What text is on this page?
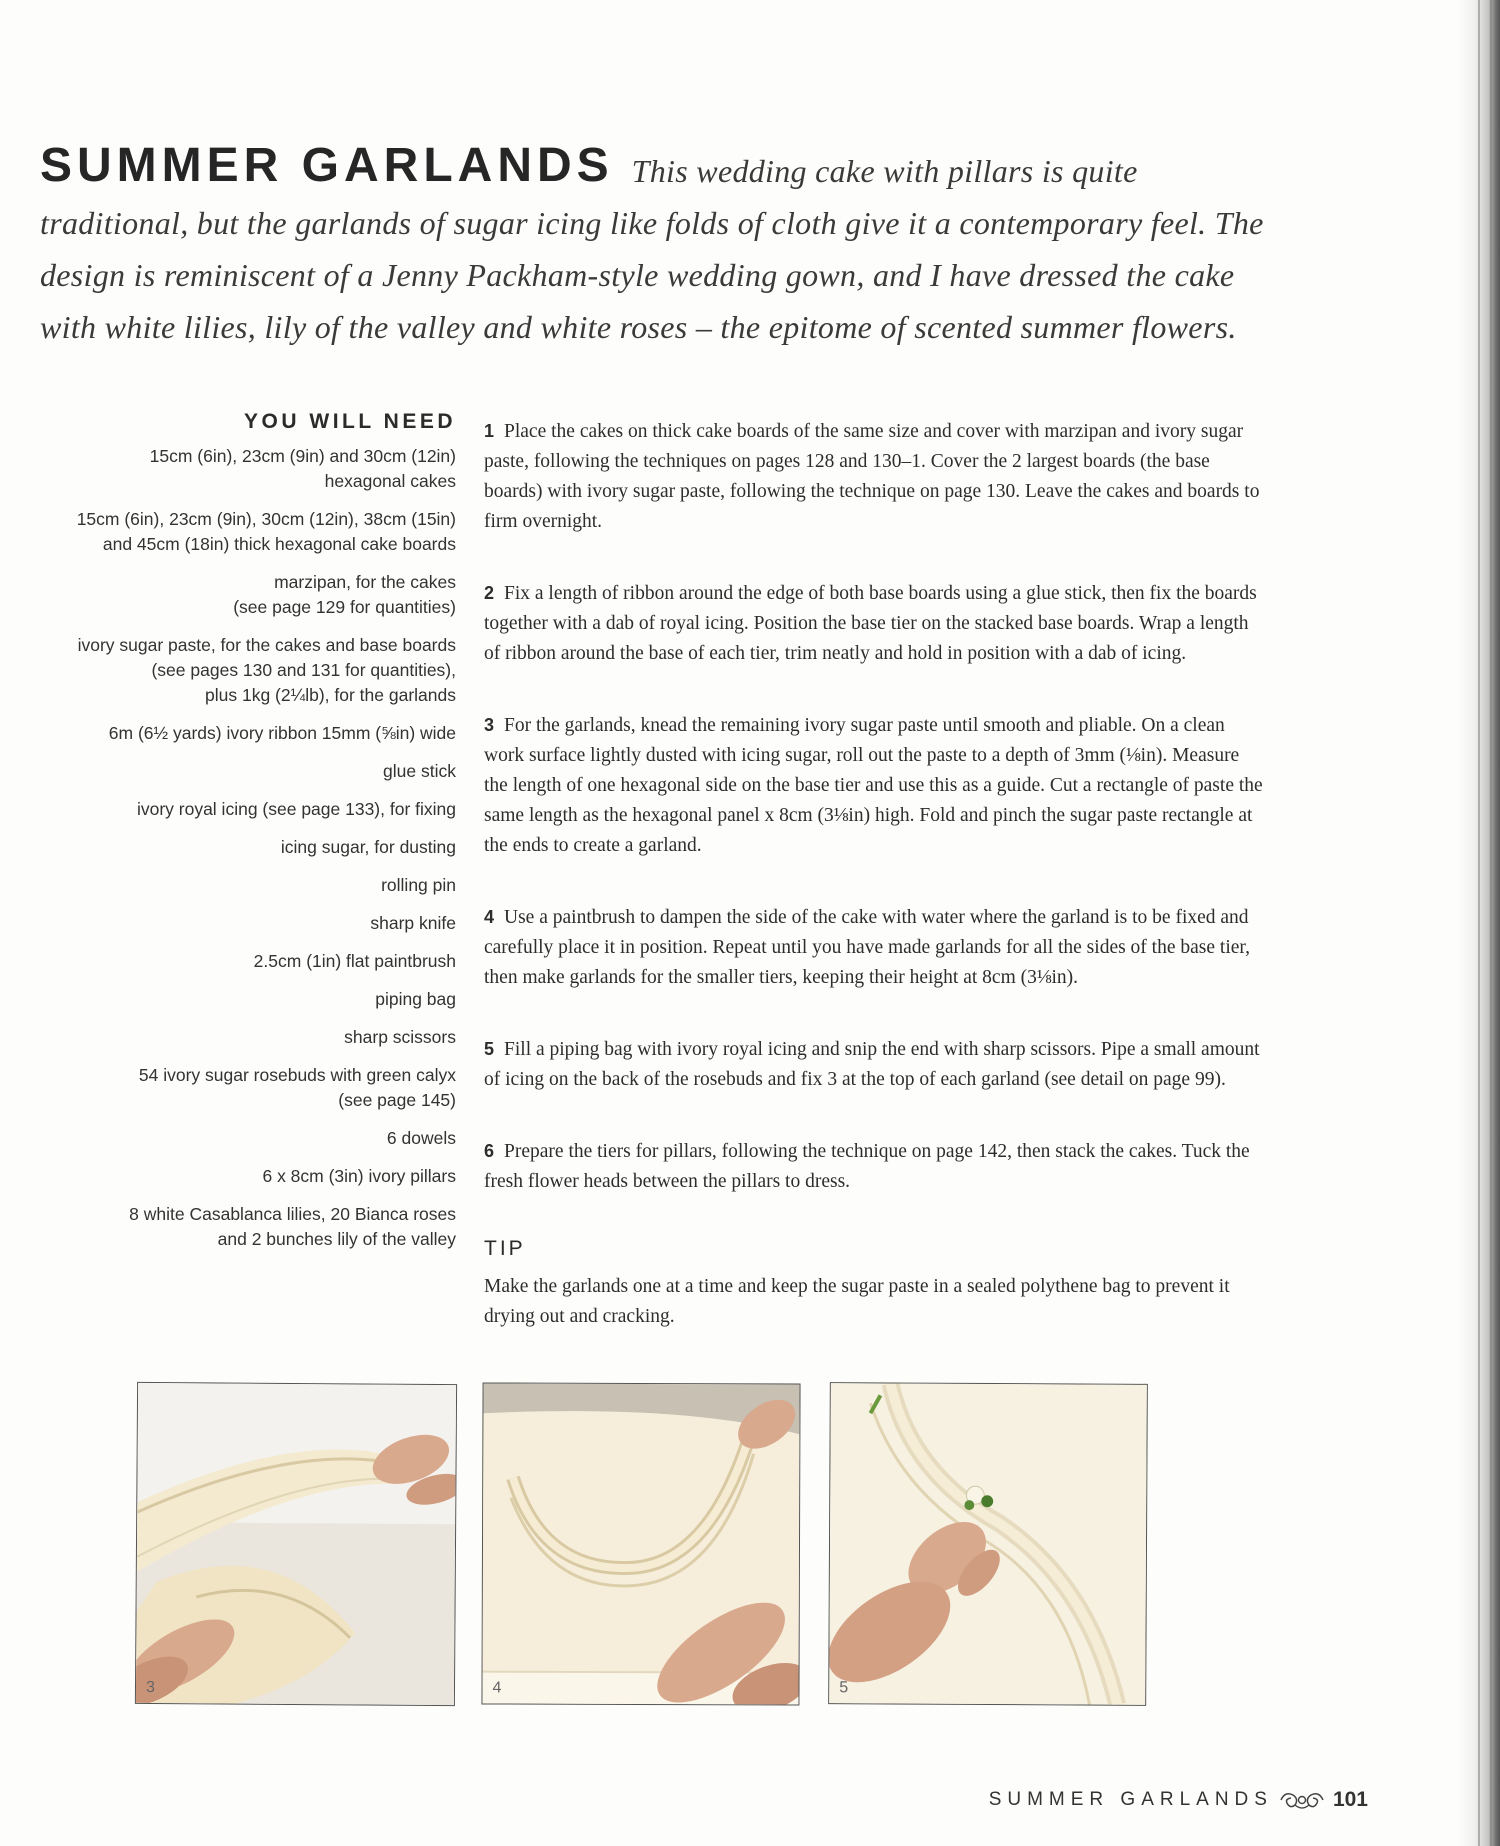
SUMMER GARLANDS This wedding cake with pillars is quite traditional, but the garlands of sugar icing like folds of cloth give it a contemporary feel. The design is reminiscent of a Jenny Packham-style wedding gown, and I have dressed the cake with white lilies, lily of the valley and white roses – the epitome of scented summer flowers.
YOU WILL NEED
15cm (6in), 23cm (9in) and 30cm (12in)
hexagonal cakes
15cm (6in), 23cm (9in), 30cm (12in), 38cm (15in)
and 45cm (18in) thick hexagonal cake boards
marzipan, for the cakes
(see page 129 for quantities)
ivory sugar paste, for the cakes and base boards
(see pages 130 and 131 for quantities),
plus 1kg (2¼lb), for the garlands
6m (6½ yards) ivory ribbon 15mm (⅝in) wide
glue stick
ivory royal icing (see page 133), for fixing
icing sugar, for dusting
rolling pin
sharp knife
2.5cm (1in) flat paintbrush
piping bag
sharp scissors
54 ivory sugar rosebuds with green calyx
(see page 145)
6 dowels
6 x 8cm (3in) ivory pillars
8 white Casablanca lilies, 20 Bianca roses
and 2 bunches lily of the valley

1 Place the cakes on thick cake boards of the same size and cover with marzipan and ivory sugar paste, following the techniques on pages 128 and 130–1. Cover the 2 largest boards (the base boards) with ivory sugar paste, following the technique on page 130. Leave the cakes and boards to firm overnight.

2 Fix a length of ribbon around the edge of both base boards using a glue stick, then fix the boards together with a dab of royal icing. Position the base tier on the stacked base boards. Wrap a length of ribbon around the base of each tier, trim neatly and hold in position with a dab of icing.

3 For the garlands, knead the remaining ivory sugar paste until smooth and pliable. On a clean work surface lightly dusted with icing sugar, roll out the paste to a depth of 3mm (⅛in). Measure the length of one hexagonal side on the base tier and use this as a guide. Cut a rectangle of paste the same length as the hexagonal panel x 8cm (3⅛in) high. Fold and pinch the sugar paste rectangle at the ends to create a garland.

4 Use a paintbrush to dampen the side of the cake with water where the garland is to be fixed and carefully place it in position. Repeat until you have made garlands for all the sides of the base tier, then make garlands for the smaller tiers, keeping their height at 8cm (3⅛in).

5 Fill a piping bag with ivory royal icing and snip the end with sharp scissors. Pipe a small amount of icing on the back of the rosebuds and fix 3 at the top of each garland (see detail on page 99).

6 Prepare the tiers for pillars, following the technique on page 142, then stack the cakes. Tuck the fresh flower heads between the pillars to dress.

TIP

Make the garlands one at a time and keep the sugar paste in a sealed polythene bag to prevent it drying out and cracking.

3	4	5
SUMMER GARLANDS	101
